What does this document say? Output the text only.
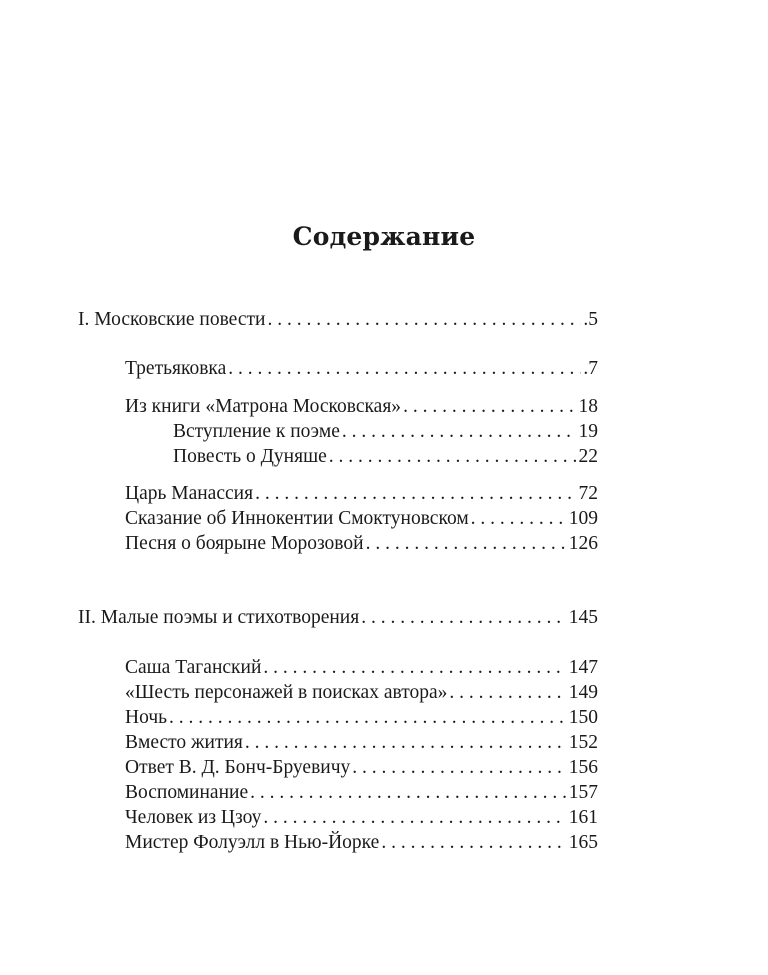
Содержание
I. Московские повести . . .	.5
Третьяковка . . .	.7
Из книги «Матрона Московская» . . .	18
Вступление к поэме . . .	19
Повесть о Дуняше . . .	22
Царь Манассия . . .	72
Сказание об Иннокентии Смоктуновском . . .	109
Песня о боярыне Морозовой . . .	126
II. Малые поэмы и стихотворения . . .	145
Саша Таганский . . .	147
«Шесть персонажей в поисках автора» . . .	149
Ночь . . .	150
Вместо жития . . .	152
Ответ В. Д. Бонч-Бруевичу . . .	156
Воспоминание . . .	157
Человек из Цзоу . . .	161
Мистер Фолуэлл в Нью-Йорке . . .	165
